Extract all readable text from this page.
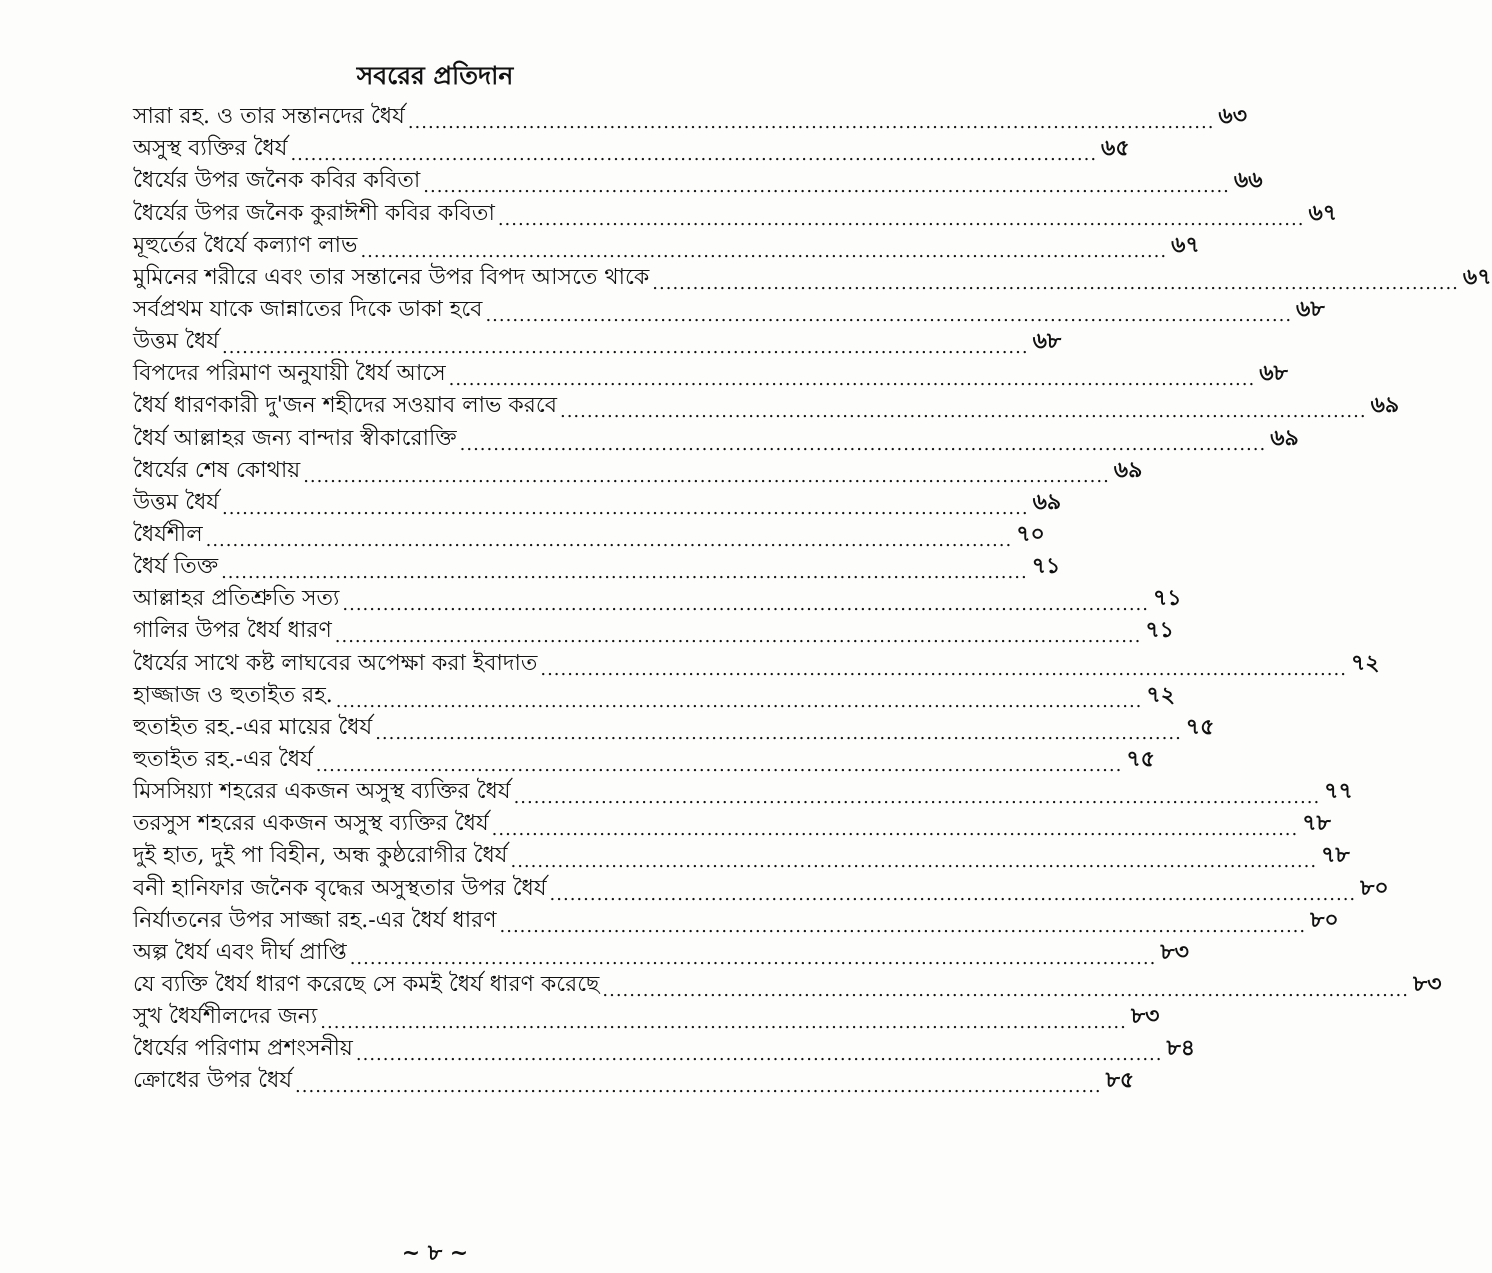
সবরের প্রতিদান
সারা রহ. ও তার সন্তানদের ধৈর্য ........................................................................................................................ ৬৩
অসুস্থ ব্যক্তির ধৈর্য ........................................................................................................................ ৬৫
ধৈর্যের উপর জনৈক কবির কবিতা ........................................................................................................................ ৬৬
ধৈর্যের উপর জনৈক কুরাঈশী কবির কবিতা ........................................................................................................................ ৬৭
মূহুর্তের ধৈর্যে কল্যাণ লাভ ........................................................................................................................ ৬৭
মুমিনের শরীরে এবং তার সন্তানের উপর বিপদ আসতে থাকে ........................................................................................................................ ৬৭
সর্বপ্রথম যাকে জান্নাতের দিকে ডাকা হবে ........................................................................................................................ ৬৮
উত্তম ধৈর্য ........................................................................................................................ ৬৮
বিপদের পরিমাণ অনুযায়ী ধৈর্য আসে ........................................................................................................................ ৬৮
ধৈর্য ধারণকারী দু'জন শহীদের সওয়াব লাভ করবে ........................................................................................................................ ৬৯
ধৈর্য আল্লাহর জন্য বান্দার স্বীকারোক্তি ........................................................................................................................ ৬৯
ধৈর্যের শেষ কোথায় ........................................................................................................................ ৬৯
উত্তম ধৈর্য ........................................................................................................................ ৬৯
ধৈর্যশীল ........................................................................................................................ ৭০
ধৈর্য তিক্ত ........................................................................................................................ ৭১
আল্লাহর প্রতিশ্রুতি সত্য ........................................................................................................................ ৭১
গালির উপর ধৈর্য ধারণ ........................................................................................................................ ৭১
ধৈর্যের সাথে কষ্ট লাঘবের অপেক্ষা করা ইবাদাত ........................................................................................................................ ৭২
হাজ্জাজ ও হুতাইত রহ. ........................................................................................................................ ৭২
হুতাইত রহ.-এর মায়ের ধৈর্য ........................................................................................................................ ৭৫
হুতাইত রহ.-এর ধৈর্য ........................................................................................................................ ৭৫
মিসসিয়্যা শহরের একজন অসুস্থ ব্যক্তির ধৈর্য ........................................................................................................................ ৭৭
তরসুস শহরের একজন অসুস্থ ব্যক্তির ধৈর্য ........................................................................................................................ ৭৮
দুই হাত, দুই পা বিহীন, অন্ধ কুষ্ঠরোগীর ধৈর্য ........................................................................................................................ ৭৮
বনী হানিফার জনৈক বৃদ্ধের অসুস্থতার উপর ধৈর্য ........................................................................................................................ ৮০
নির্যাতনের উপর সাজ্জা রহ.-এর ধৈর্য ধারণ ........................................................................................................................ ৮০
অল্প ধৈর্য এবং দীর্ঘ প্রাপ্তি ........................................................................................................................ ৮৩
যে ব্যক্তি ধৈর্য ধারণ করেছে সে কমই ধৈর্য ধারণ করেছে ........................................................................................................................ ৮৩
সুখ ধৈর্যশীলদের জন্য ........................................................................................................................ ৮৩
ধৈর্যের পরিণাম প্রশংসনীয় ........................................................................................................................ ৮৪
ক্রোধের উপর ধৈর্য ........................................................................................................................ ৮৫
~ ৮ ~
